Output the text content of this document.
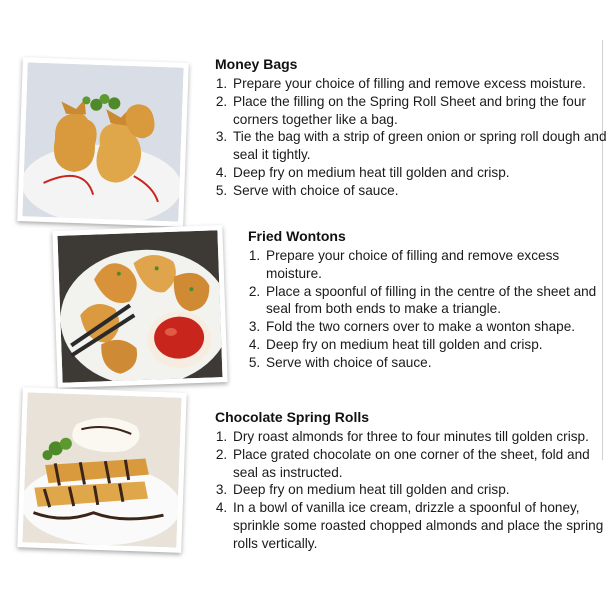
Money Bags
1. Prepare your choice of filling and remove excess moisture.
2. Place the filling on the Spring Roll Sheet and bring the four corners together like a bag.
3. Tie the bag with a strip of green onion or spring roll dough and seal it tightly.
4. Deep fry on medium heat till golden and crisp.
5. Serve with choice of sauce.
Fried Wontons
1. Prepare your choice of filling and remove excess moisture.
2. Place a spoonful of filling in the centre of the sheet and seal from both ends to make a triangle.
3. Fold the two corners over to make a wonton shape.
4. Deep fry on medium heat till golden and crisp.
5. Serve with choice of sauce.
Chocolate Spring Rolls
1. Dry roast almonds for three to four minutes till golden crisp.
2. Place grated chocolate on one corner of the sheet, fold and seal as instructed.
3. Deep fry on medium heat till golden and crisp.
4. In a bowl of vanilla ice cream, drizzle a spoonful of honey, sprinkle some roasted chopped almonds and place the spring rolls vertically.
